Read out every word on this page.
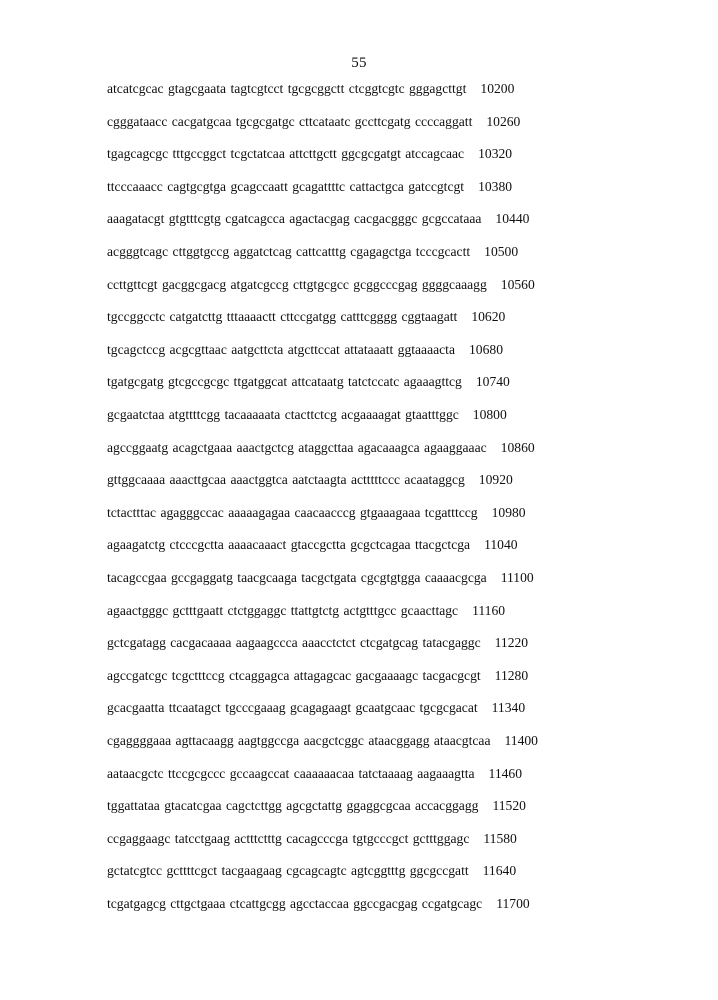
55
atcatcgcac gtagcgaata tagtcgtcct tgcgcggctt ctcggtcgtc gggagcttgt 10200
cgggataacc cacgatgcaa tgcgcgatgc cttcataatc gccttcgatg ccccaggatt 10260
tgagcagcgc tttgccggct tcgctatcaa attcttgctt ggcgcgatgt atccagcaac 10320
ttcccaaacc cagtgcgtga gcagccaatt gcagattttc cattactgca gatccgtcgt 10380
aaagatacgt gtgtttcgtg cgatcagcca agactacgag cacgacgggc gcgccataaa 10440
acgggtcagc cttggtgccg aggatctcag cattcatttg cgagagctga tcccgcactt 10500
ccttgttcgt gacggcgacg atgatcgccg cttgtgcgcc gcggcccgag ggggcaaagg 10560
tgccggcctc catgatcttg tttaaaactt cttccgatgg catttcgggg cggtaagatt 10620
tgcagctccg acgcgttaac aatgcttcta atgcttccat attataaatt ggtaaaacta 10680
tgatgcgatg gtcgccgcgc ttgatggcat attcataatg tatctccatc agaaagttcg 10740
gcgaatctaa atgttttcgg tacaaaaata ctacttctcg acgaaaagat gtaatttggc 10800
agccggaatg acagctgaaa aaactgctcg ataggcttaa agacaaagca agaaggaaac 10860
gttggcaaaa aaacttgcaa aaactggtca aatctaagta actttttccc acaataggcg 10920
tctactttac agagggccac aaaaagagaa caacaacccg gtgaaagaaa tcgatttccg 10980
agaagatctg ctcccgctta aaaacaaact gtaccgctta gcgctcagaa ttacgctcga 11040
tacagccgaa gccgaggatg taacgcaaga tacgctgata cgcgtgtgga caaaacgcga 11100
agaactgggc gctttgaatt ctctggaggc ttattgtctg actgtttgcc gcaacttagc 11160
gctcgatagg cacgacaaaa aagaagccca aaacctctct ctcgatgcag tatacgaggc 11220
agccgatcgc tcgctttccg ctcaggagca attagagcac gacgaaaagc tacgacgcgt 11280
gcacgaatta ttcaatagct tgcccgaaag gcagagaagt gcaatgcaac tgcgcgacat 11340
cgaggggaaa agttacaagg aagtggccga aacgctcggc ataacggagg ataacgtcaa 11400
aataacgctc ttccgcgccc gccaagccat caaaaaacaa tatctaaaag aagaaagtta 11460
tggattataa gtacatcgaa cagctcttgg agcgctattg ggaggcgcaa accacggagg 11520
ccgaggaagc tatcctgaag actttctttg cacagcccga tgtgcccgct gctttggagc 11580
gctatcgtcc gcttttcgct tacgaagaag cgcagcagtc agtcggtttg ggcgccgatt 11640
tcgatgagcg cttgctgaaa ctcattgcgg agcctaccaa ggccgacgag ccgatgcagc 11700
